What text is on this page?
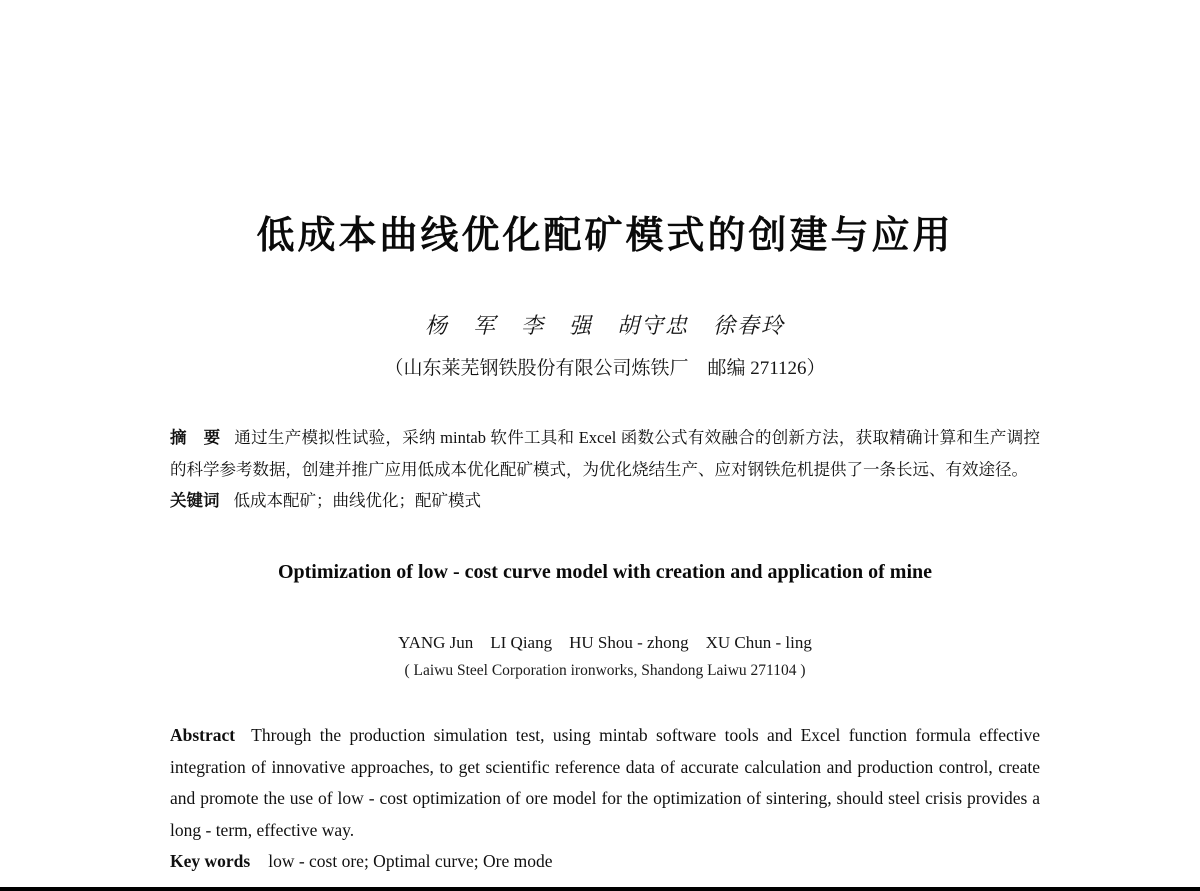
低成本曲线优化配矿模式的创建与应用
杨　军　李　强　胡守忠　徐春玲
（山东莱芜钢铁股份有限公司炼铁厂　邮编 271126）

摘　要 通过生产模拟性试验，采纳 mintab 软件工具和 Excel 函数公式有效融合的创新方法，获取精确计算和生产调控的科学参考数据，创建并推广应用低成本优化配矿模式，为优化烧结生产、应对钢铁危机提供了一条长远、有效途径。

关键词 低成本配矿；曲线优化；配矿模式

Optimization of low - cost curve model with creation and application of mine
YANG Jun　LI Qiang　HU Shou - zhong　XU Chun - ling
( Laiwu Steel Corporation ironworks, Shandong Laiwu 271104 )

Abstract Through the production simulation test, using mintab software tools and Excel function formula effective integration of innovative approaches, to get scientific reference data of accurate calculation and production control, create and promote the use of low - cost optimization of ore model for the optimization of sintering, should steel crisis provides a long - term, effective way.

Key words low - cost ore; Optimal curve; Ore mode
